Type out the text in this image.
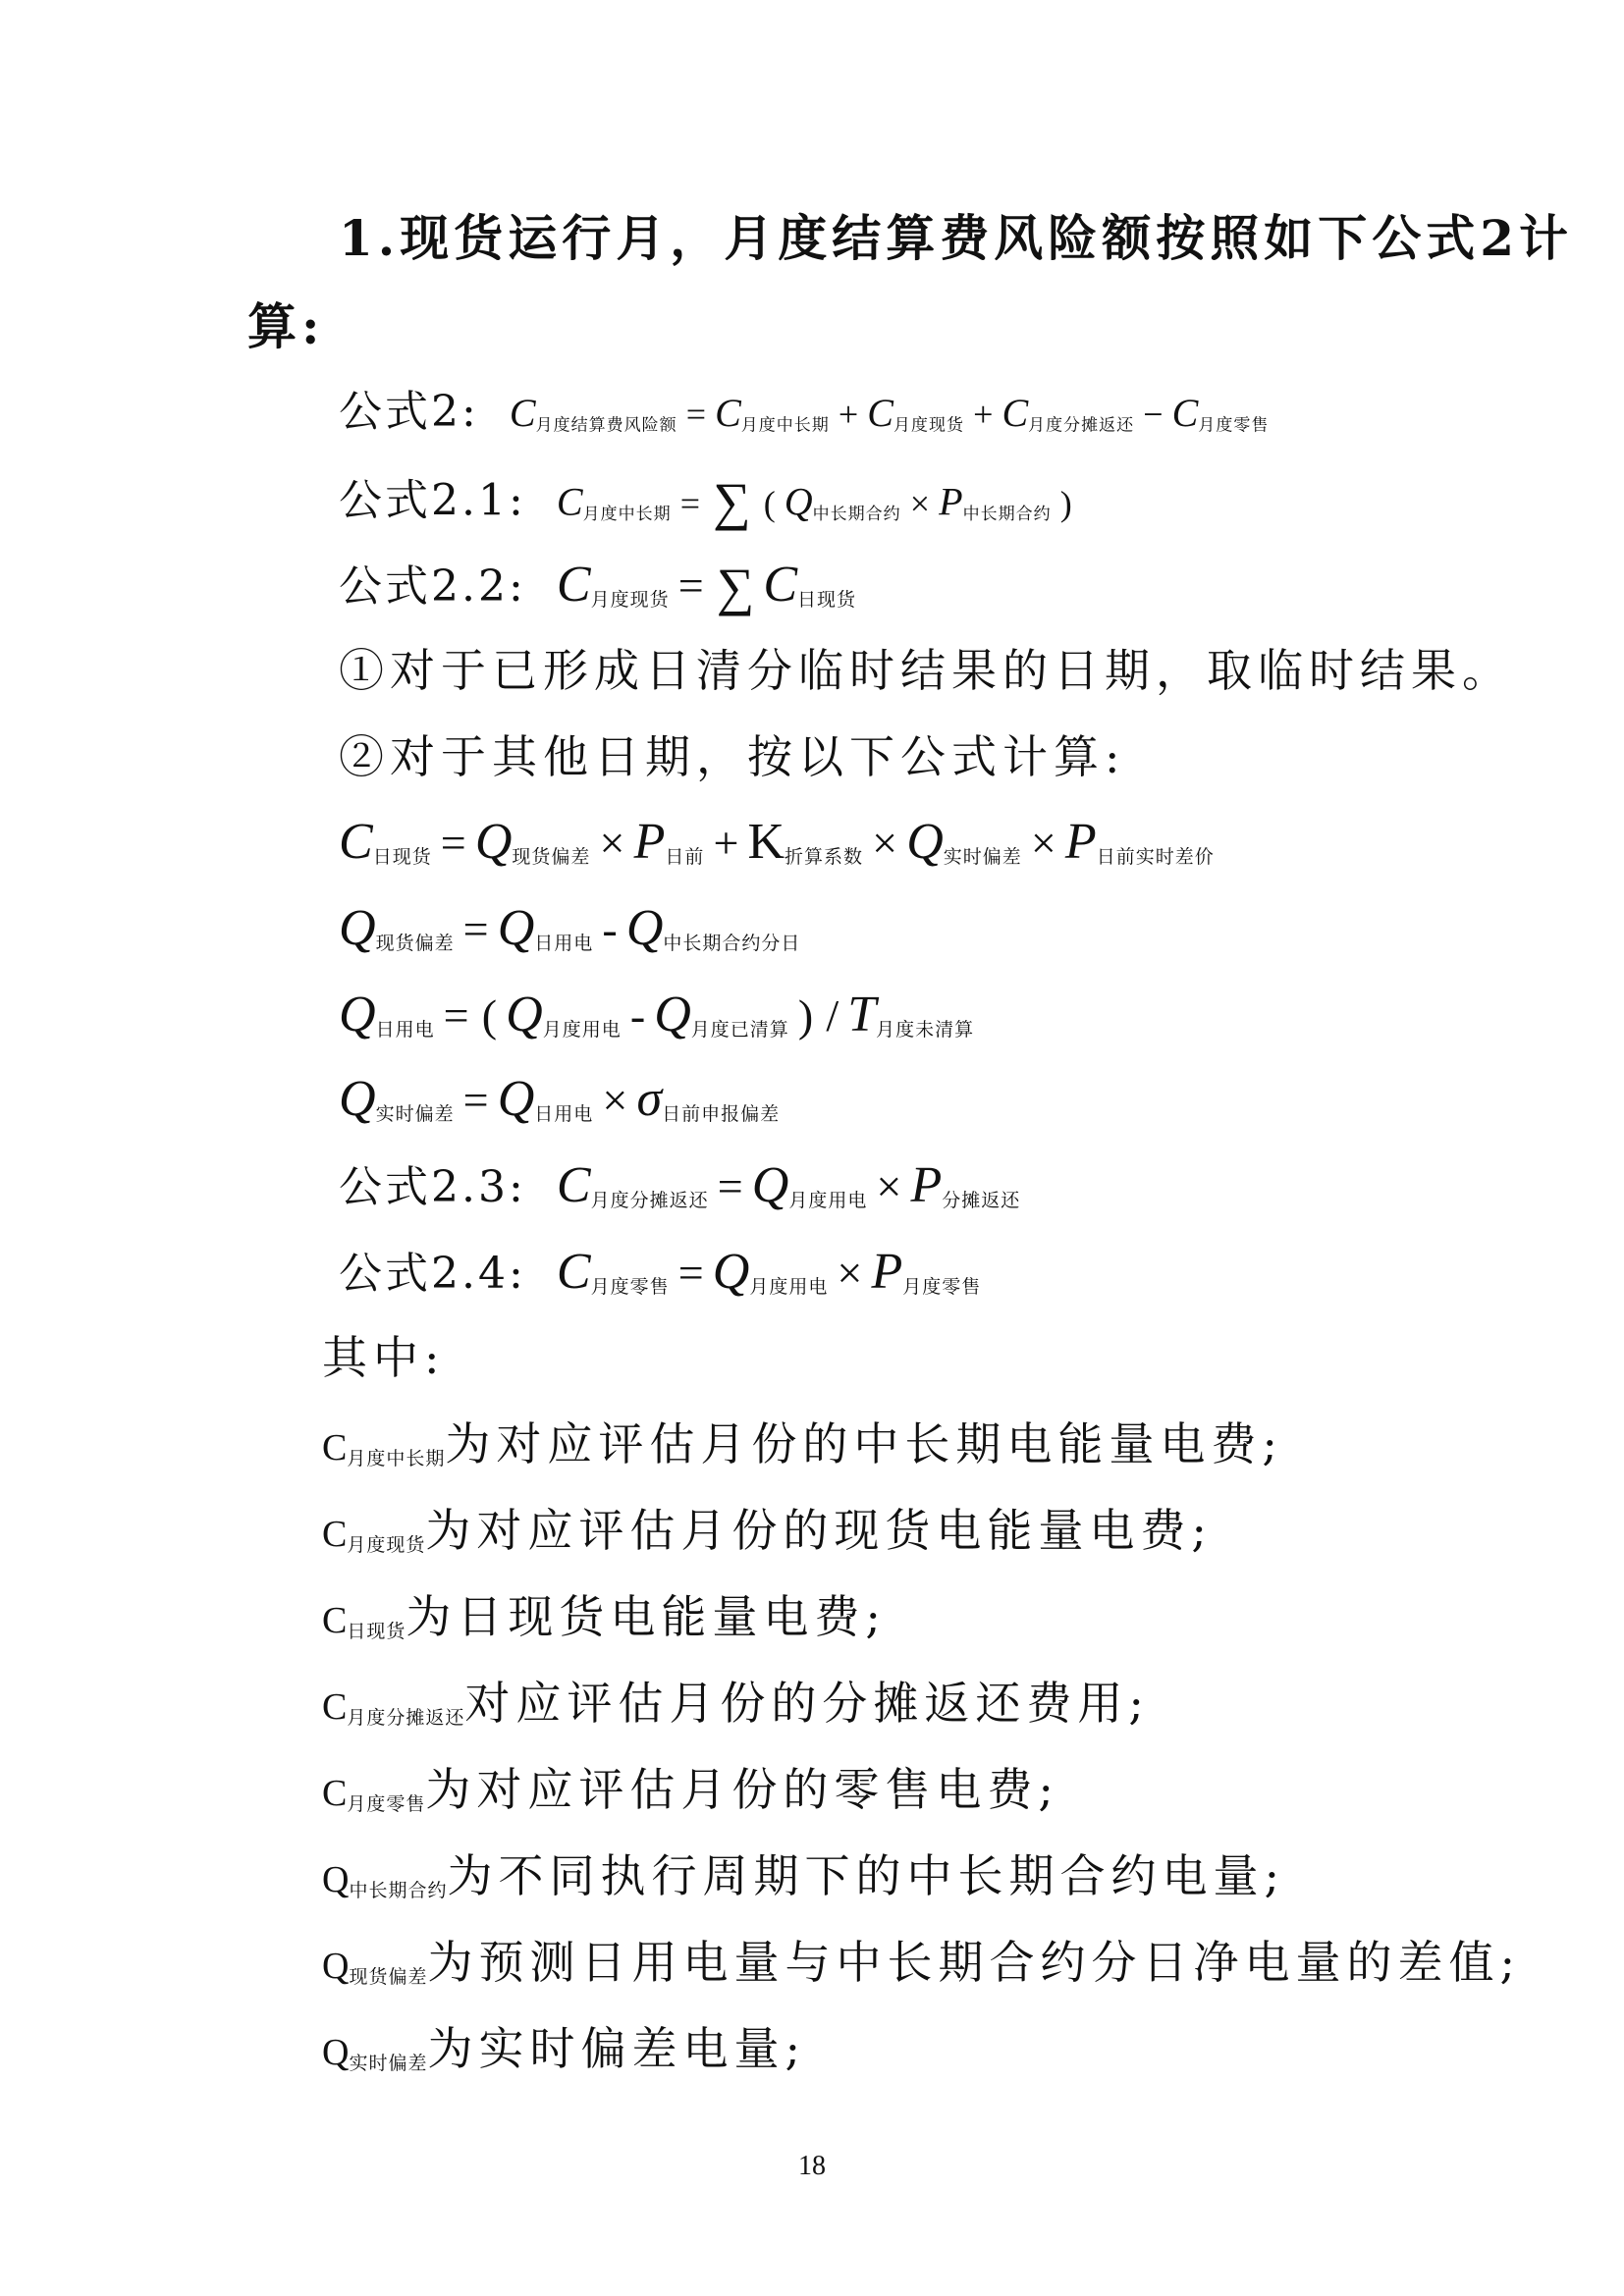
1.现货运行月，月度结算费风险额按照如下公式2计
算:
公式2: C月度结算费风险额 = C月度中长期 + C月度现货 + C月度分摊返还 − C月度零售
公式2.1: C月度中长期 = ∑ ( Q中长期合约 × P中长期合约 )
公式2.2: C月度现货 = ∑ C日现货
①对于已形成日清分临时结果的日期，取临时结果。
②对于其他日期，按以下公式计算:
C日现货 = Q现货偏差 × P日前 + K折算系数 × Q实时偏差 × P日前实时差价
Q现货偏差 = Q日用电 - Q中长期合约分日
Q日用电 = ( Q月度用电 - Q月度已清算 ) / T月度未清算
Q实时偏差 = Q日用电 × σ日前申报偏差
公式2.3: C月度分摊返还 = Q月度用电 × P分摊返还
公式2.4: C月度零售 = Q月度用电 × P月度零售
其中:
C月度中长期为对应评估月份的中长期电能量电费;
C月度现货为对应评估月份的现货电能量电费;
C日现货为日现货电能量电费;
C月度分摊返还对应评估月份的分摊返还费用;
C月度零售为对应评估月份的零售电费;
Q中长期合约为不同执行周期下的中长期合约电量;
Q现货偏差为预测日用电量与中长期合约分日净电量的差值;
Q实时偏差为实时偏差电量;
18
